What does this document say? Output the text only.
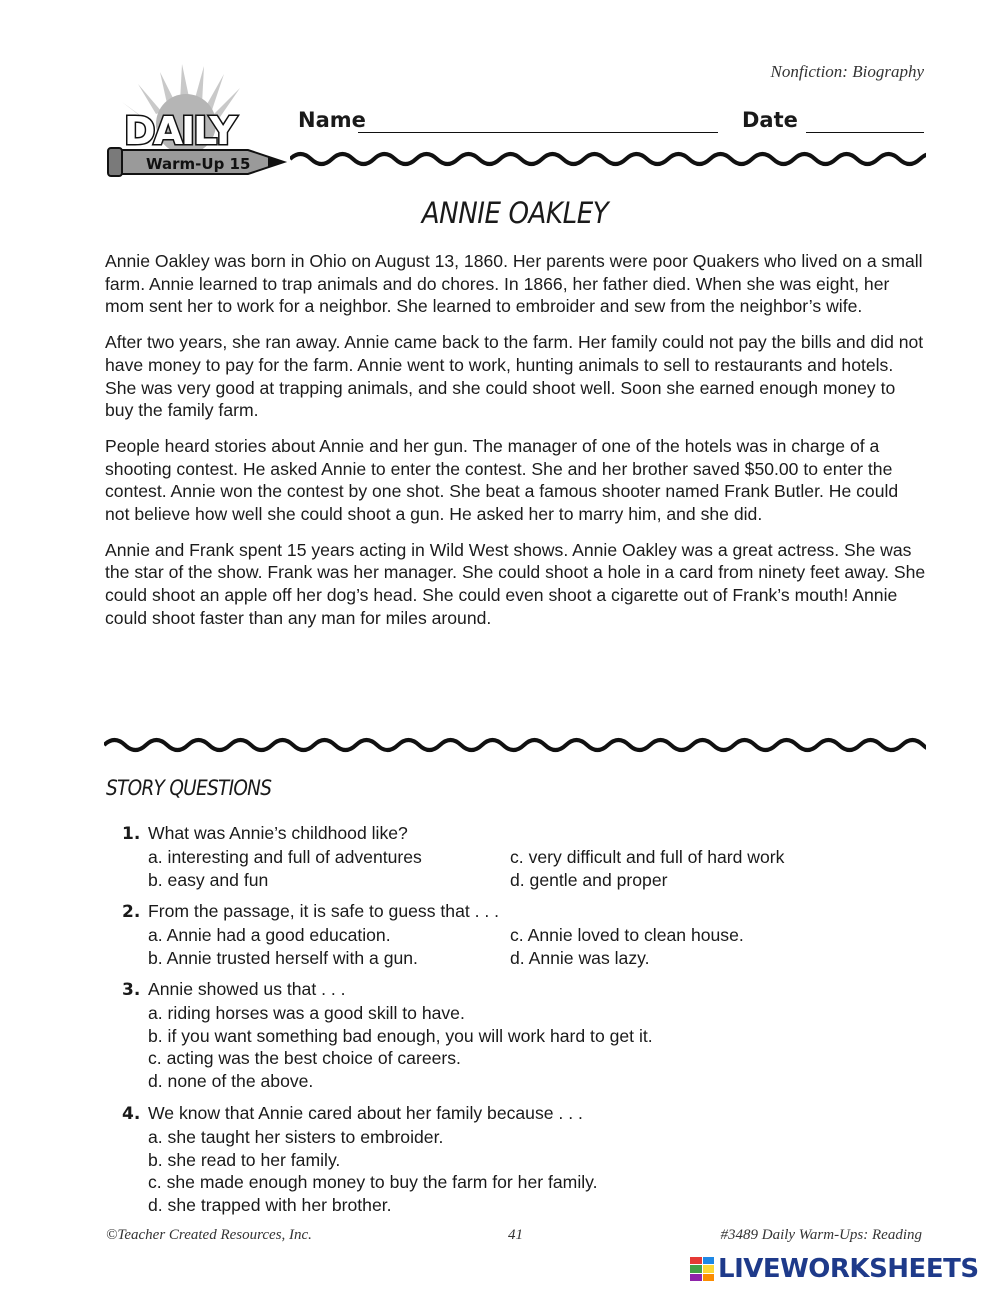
Nonfiction: Biography
Warm-Up 15
DAILY	Name	Date
ANNIE OAKLEY

Annie Oakley was born in Ohio on August 13, 1860. Her parents were poor Quakers who lived on a small farm. Annie learned to trap animals and do chores. In 1866, her father died. When she was eight, her mom sent her to work for a neighbor. She learned to embroider and sew from the neighbor’s wife.

After two years, she ran away. Annie came back to the farm. Her family could not pay the bills and did not have money to pay for the farm. Annie went to work, hunting animals to sell to restaurants and hotels. She was very good at trapping animals, and she could shoot well. Soon she earned enough money to buy the family farm.

People heard stories about Annie and her gun. The manager of one of the hotels was in charge of a shooting contest. He asked Annie to enter the contest. She and her brother saved $50.00 to enter the contest. Annie won the contest by one shot. She beat a famous shooter named Frank Butler. He could not believe how well she could shoot a gun. He asked her to marry him, and she did.

Annie and Frank spent 15 years acting in Wild West shows. Annie Oakley was a great actress. She was the star of the show. Frank was her manager. She could shoot a hole in a card from ninety feet away. She could shoot an apple off her dog’s head. She could even shoot a cigarette out of Frank’s mouth! Annie could shoot faster than any man for miles around.

STORY QUESTIONS
1. What was Annie’s childhood like?
a. interesting and full of adventures	c. very difficult and full of hard work
b. easy and fun	d. gentle and proper
2. From the passage, it is safe to guess that . . .
a. Annie had a good education.	c. Annie loved to clean house.
b. Annie trusted herself with a gun.	d. Annie was lazy.
3. Annie showed us that . . .
a. riding horses was a good skill to have.
b. if you want something bad enough, you will work hard to get it.
c. acting was the best choice of careers.
d. none of the above.
4. We know that Annie cared about her family because . . .
a. she taught her sisters to embroider.
b. she read to her family.
c. she made enough money to buy the farm for her family.
d. she trapped with her brother.
©Teacher Created Resources, Inc.	41	#3489 Daily Warm-Ups: Reading
LIVEWORKSHEETS
